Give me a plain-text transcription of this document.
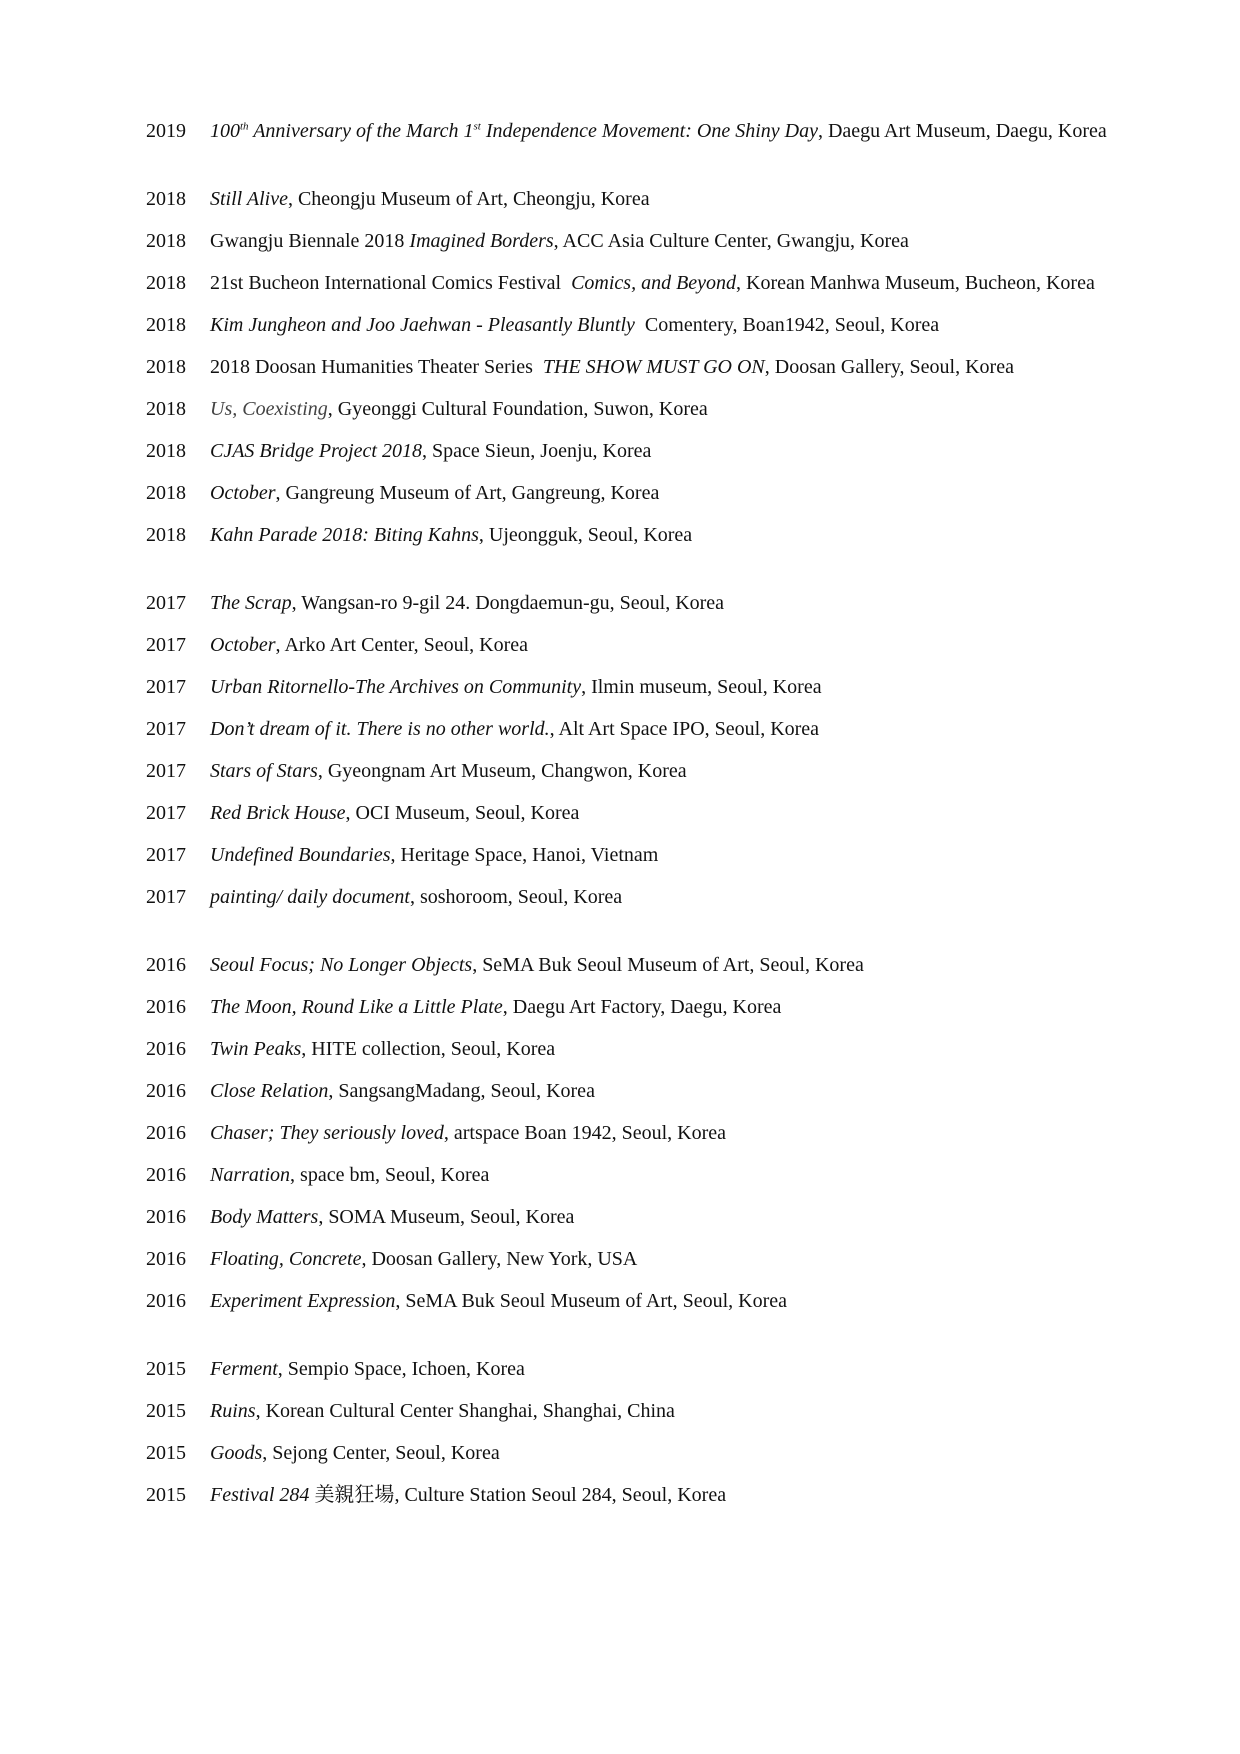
2019 100th Anniversary of the March 1st Independence Movement: One Shiny Day, Daegu Art Museum, Daegu, Korea
2018 Still Alive, Cheongju Museum of Art, Cheongju, Korea
2018 Gwangju Biennale 2018 Imagined Borders, ACC Asia Culture Center, Gwangju, Korea
2018 21st Bucheon International Comics Festival  Comics, and Beyond, Korean Manhwa Museum, Bucheon, Korea
2018 Kim Jungheon and Joo Jaehwan - Pleasantly Bluntly  Comentery, Boan1942, Seoul, Korea
2018 2018 Doosan Humanities Theater Series  THE SHOW MUST GO ON, Doosan Gallery, Seoul, Korea
2018 Us, Coexisting, Gyeonggi Cultural Foundation, Suwon, Korea
2018 CJAS Bridge Project 2018, Space Sieun, Joenju, Korea
2018 October, Gangreung Museum of Art, Gangreung, Korea
2018 Kahn Parade 2018: Biting Kahns, Ujeongguk, Seoul, Korea
2017 The Scrap, Wangsan-ro 9-gil 24. Dongdaemun-gu, Seoul, Korea
2017 October, Arko Art Center, Seoul, Korea
2017 Urban Ritornello-The Archives on Community, Ilmin museum, Seoul, Korea
2017 Don’t dream of it. There is no other world., Alt Art Space IPO, Seoul, Korea
2017 Stars of Stars, Gyeongnam Art Museum, Changwon, Korea
2017 Red Brick House, OCI Museum, Seoul, Korea
2017 Undefined Boundaries, Heritage Space, Hanoi, Vietnam
2017 painting/ daily document, soshoroom, Seoul, Korea
2016 Seoul Focus; No Longer Objects, SeMA Buk Seoul Museum of Art, Seoul, Korea
2016 The Moon, Round Like a Little Plate, Daegu Art Factory, Daegu, Korea
2016 Twin Peaks, HITE collection, Seoul, Korea
2016 Close Relation, SangsangMadang, Seoul, Korea
2016 Chaser; They seriously loved, artspace Boan 1942, Seoul, Korea
2016 Narration, space bm, Seoul, Korea
2016 Body Matters, SOMA Museum, Seoul, Korea
2016 Floating, Concrete, Doosan Gallery, New York, USA
2016 Experiment Expression, SeMA Buk Seoul Museum of Art, Seoul, Korea
2015 Ferment, Sempio Space, Ichoen, Korea
2015 Ruins, Korean Cultural Center Shanghai, Shanghai, China
2015 Goods, Sejong Center, Seoul, Korea
2015 Festival 284 美親狂場, Culture Station Seoul 284, Seoul, Korea
